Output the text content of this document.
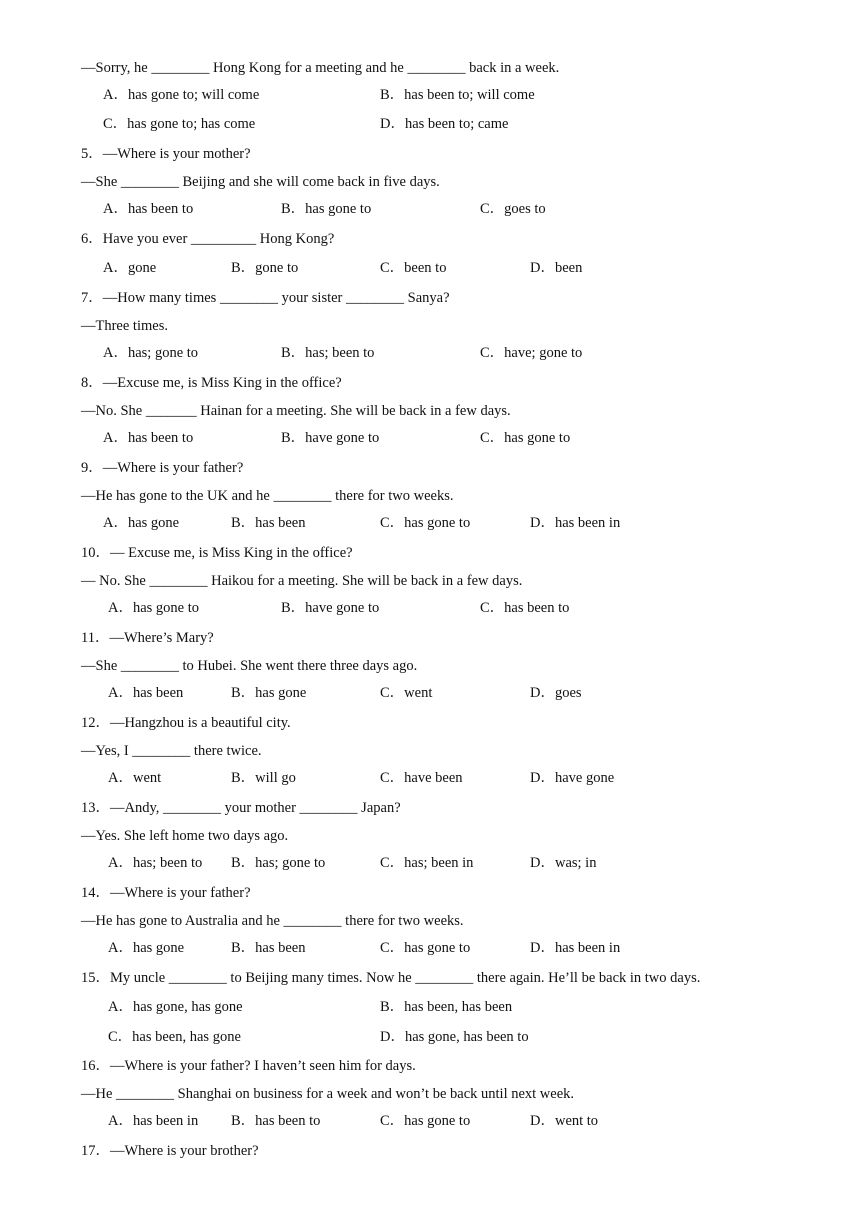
—Sorry, he ________ Hong Kong for a meeting and he ________ back in a week.
A．has gone to; will come	B．has been to; will come
C．has gone to; has come	D．has been to; came
5．—Where is your mother?
—She ________ Beijing and she will come back in five days.
A．has been to	B．has gone to	C．goes to
6．Have you ever _________ Hong Kong?
A．gone	B．gone to	C．been to	D．been
7．—How many times ________ your sister ________ Sanya?
—Three times.
A．has; gone to	B．has; been to	C．have; gone to
8．—Excuse me, is Miss King in the office?
—No. She _______ Hainan for a meeting. She will be back in a few days.
A．has been to	B．have gone to	C．has gone to
9．—Where is your father?
—He has gone to the UK and he ________ there for two weeks.
A．has gone	B．has been	C．has gone to	D．has been in
10．— Excuse me, is Miss King in the office?
— No. She ________ Haikou for a meeting. She will be back in a few days.
A．has gone to	B．have gone to	C．has been to
11．—Where’s Mary?
—She ________ to Hubei. She went there three days ago.
A．has been	B．has gone	C．went	D．goes
12．—Hangzhou is a beautiful city.
—Yes, I ________ there twice.
A．went	B．will go	C．have been	D．have gone
13．—Andy, ________ your mother ________ Japan?
—Yes. She left home two days ago.
A．has; been to B．has; gone to	C．has; been in	D．was; in
14．—Where is your father?
—He has gone to Australia and he ________ there for two weeks.
A．has gone	B．has been	C．has gone to	D．has been in
15．My uncle ________ to Beijing many times. Now he ________ there again. He’ll be back in two days.
A．has gone, has gone	B．has been, has been
C．has been, has gone	D．has gone, has been to
16．—Where is your father? I haven’t seen him for days.
—He ________ Shanghai on business for a week and won’t be back until next week.
A．has been in B．has been to	C．has gone to	D．went to
17．—Where is your brother?
